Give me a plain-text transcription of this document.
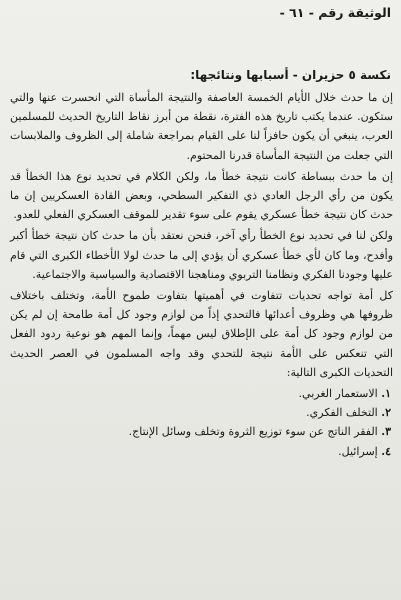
الوثيقة رقم - ٦١ -
نكسة ٥ حزيران - أسبابها ونتائجها:

إن ما حدث خلال الأيام الخمسة العاصفة والنتيجة المأساة التي انحسرت عنها والتي ستكون. عندما يكتب تاريخ هذه الفترة، نقطة من أبرز نقاط التاريخ الحديث للمسلمين العرب، ينبغي أن يكون حافزاً لنا على القيام بمراجعة شاملة إلى الظروف والملابسات التي جعلت من النتيجة المأساة قدرنا المحتوم.

إن ما حدث ببساطة كانت نتيجة خطأ ما، ولكن الكلام في تحديد نوع هذا الخطأ قد يكون من رأي الرجل العادي ذي التفكير السطحي، وبعض القادة العسكريين إن ما حدث كان نتيجة خطأ عسكري يقوم على سوء تقدير للموقف العسكري الفعلي للعدو.

ولكن لنا في تحديد نوع الخطأ رأي آخر، فنحن نعتقد بأن ما حدث كان نتيجة خطأ أكبر وأفدح، وما كان لأي خطأ عسكري أن يؤدي إلى ما حدث لولا الأخطاء الكبرى التي قام عليها وجودنا الفكري ونظامنا التربوي ومناهجنا الاقتصادية والسياسية والاجتماعية.

كل أمة تواجه تحديات تتفاوت في أهميتها بتفاوت طموح الأمة، وتختلف باختلاف ظروفها هي وظروف أعدائها فالتحدي إذاً من لوازم وجود كل أمة طامحة إن لم يكن من لوازم وجود كل أمة على الإطلاق ليس مهماً، وإنما المهم هو نوعية ردود الفعل التي تنعكس على الأمة نتيجة للتحدي وقد واجه المسلمون في العصر الحديث التحديات الكبرى التالية:

١. الاستعمار الغربي.
٢. التخلف الفكري.
٣. الفقر الناتج عن سوء توزيع الثروة وتخلف وسائل الإنتاج.
٤. إسرائيل.
